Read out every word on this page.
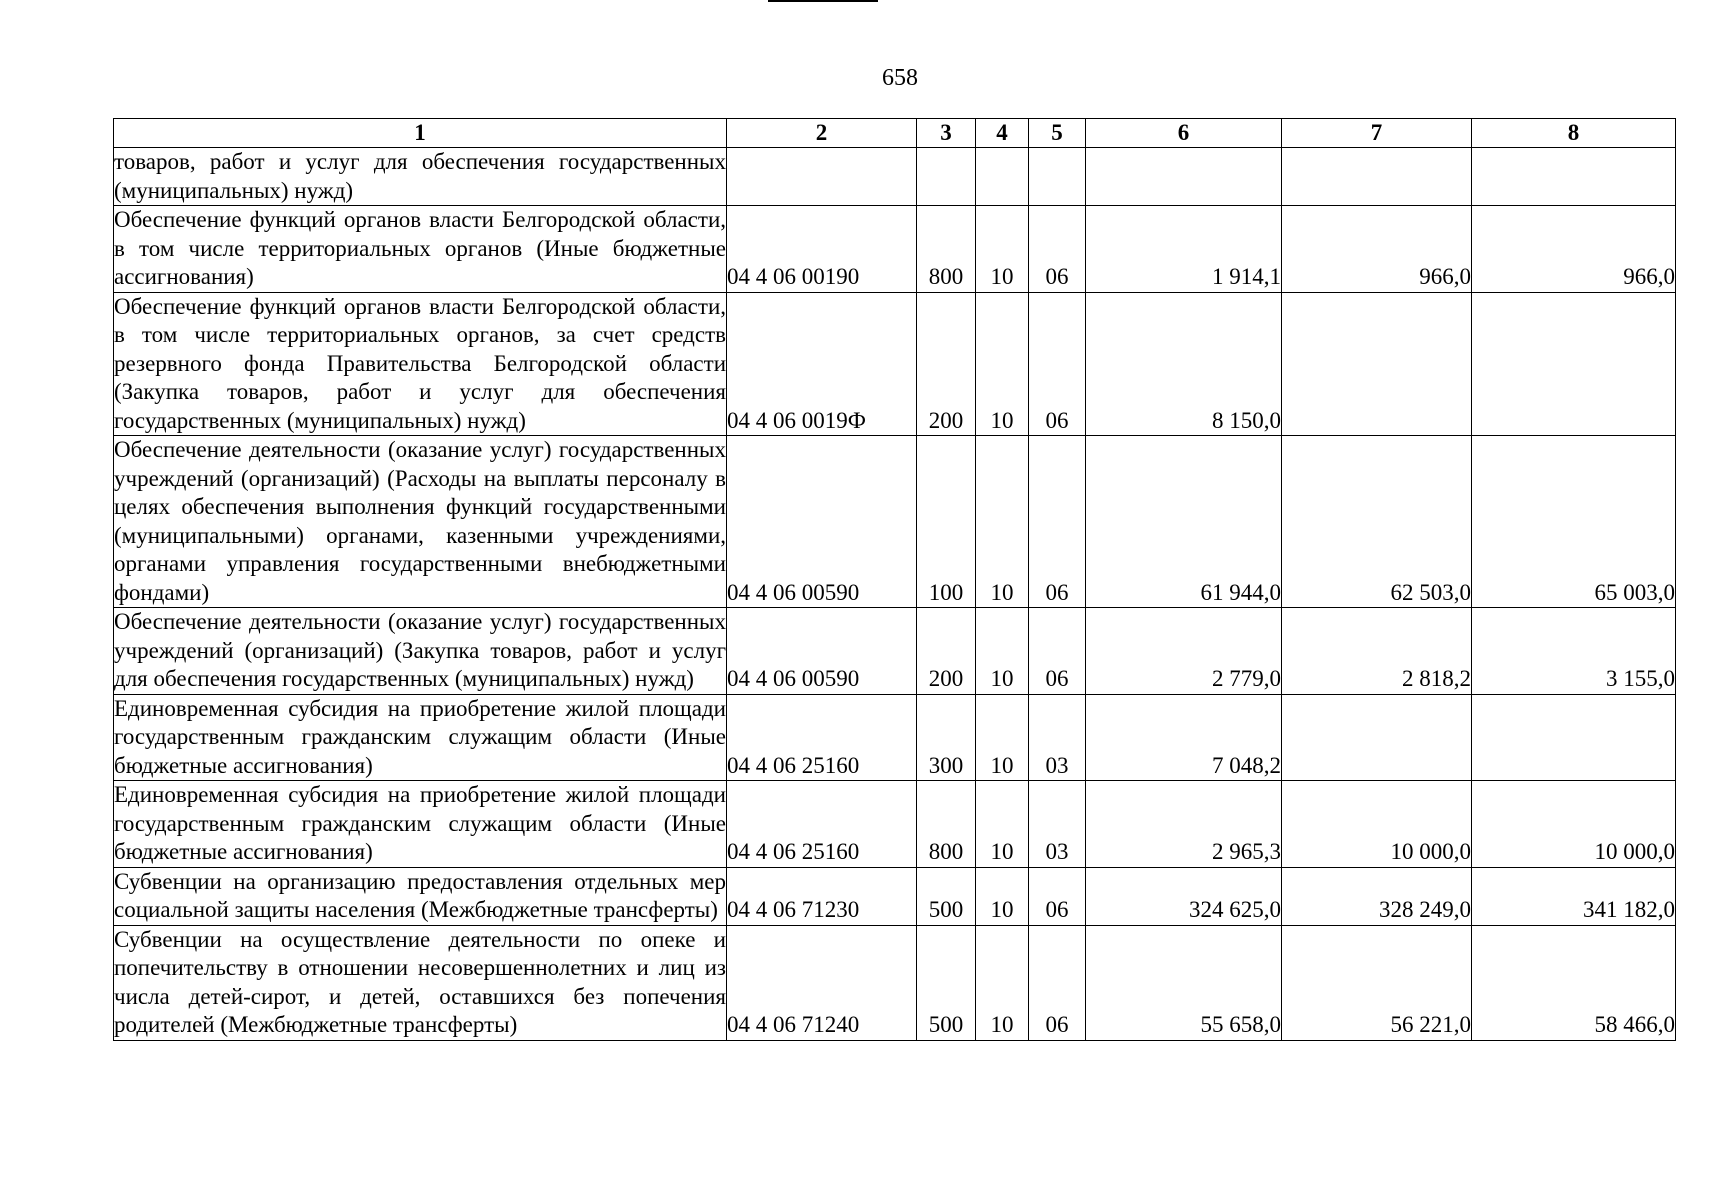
658
1	2	3	4	5	6	7	8
товаров, работ и услуг для обеспечения государственных (муниципальных) нужд)							
Обеспечение функций органов власти Белгородской области, в том числе территориальных органов (Иные бюджетные ассигнования)	04 4 06 00190	800	10	06	1 914,1	966,0	966,0
Обеспечение функций органов власти Белгородской области, в том числе территориальных органов, за счет средств резервного фонда Правительства Белгородской области (Закупка товаров, работ и услуг для обеспечения государственных (муниципальных) нужд)	04 4 06 0019Ф	200	10	06	8 150,0		
Обеспечение деятельности (оказание услуг) государственных учреждений (организаций) (Расходы на выплаты персоналу в целях обеспечения выполнения функций государственными (муниципальными) органами, казенными учреждениями, органами управления государственными внебюджетными фондами)	04 4 06 00590	100	10	06	61 944,0	62 503,0	65 003,0
Обеспечение деятельности (оказание услуг) государственных учреждений (организаций) (Закупка товаров, работ и услуг для обеспечения государственных (муниципальных) нужд)	04 4 06 00590	200	10	06	2 779,0	2 818,2	3 155,0
Единовременная субсидия на приобретение жилой площади государственным гражданским служащим области (Иные бюджетные ассигнования)	04 4 06 25160	300	10	03	7 048,2		
Единовременная субсидия на приобретение жилой площади государственным гражданским служащим области (Иные бюджетные ассигнования)	04 4 06 25160	800	10	03	2 965,3	10 000,0	10 000,0
Субвенции на организацию предоставления отдельных мер социальной защиты населения (Межбюджетные трансферты)	04 4 06 71230	500	10	06	324 625,0	328 249,0	341 182,0
Субвенции на осуществление деятельности по опеке и попечительству в отношении несовершеннолетних и лиц из числа детей-сирот, и детей, оставшихся без попечения родителей (Межбюджетные трансферты)	04 4 06 71240	500	10	06	55 658,0	56 221,0	58 466,0
